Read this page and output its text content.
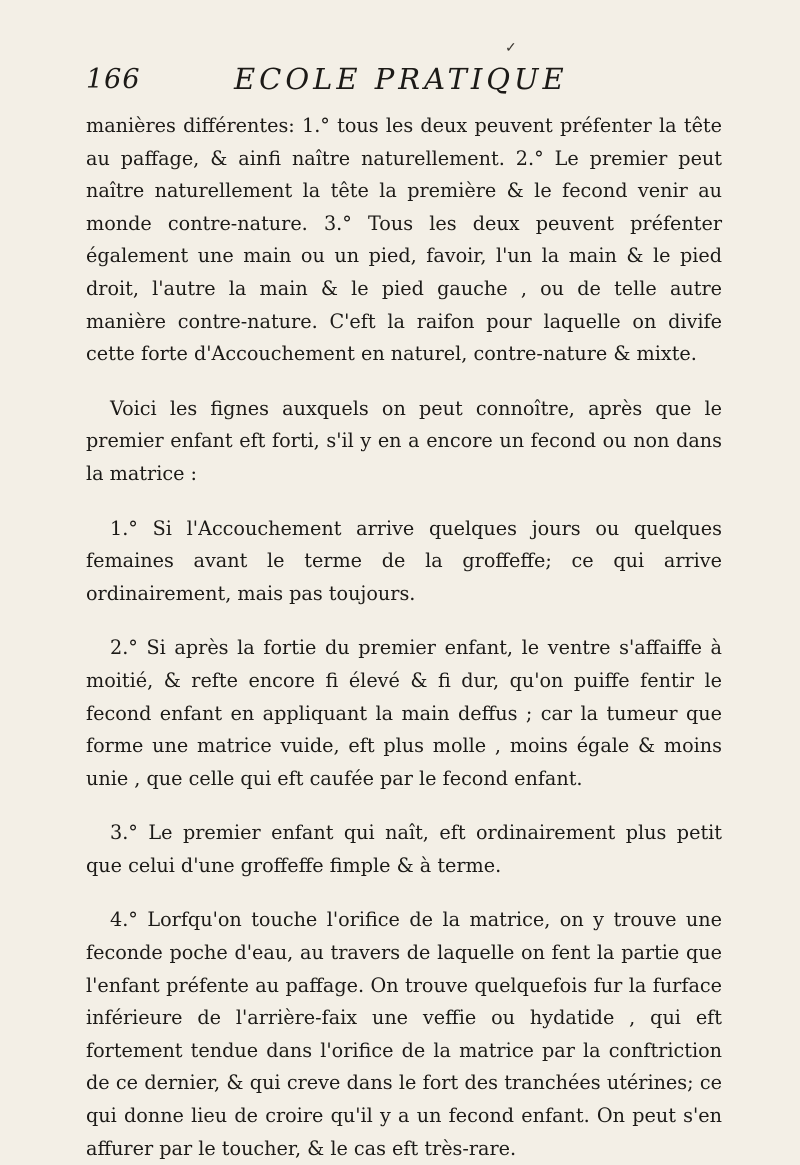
✓
166	ECOLE PRATIQUE

manières différentes: 1.° tous les deux peuvent préfenter la tête au paffage, & ainfi naître naturellement. 2.° Le premier peut naître naturellement la tête la première & le fecond venir au monde contre-nature. 3.° Tous les deux peuvent préfenter également une main ou un pied, favoir, l'un la main & le pied droit, l'autre la main & le pied gauche , ou de telle autre manière contre-nature. C'eft la raifon pour laquelle on divife cette forte d'Accouchement en naturel, contre-nature & mixte.

Voici les fignes auxquels on peut connoître, après que le premier enfant eft forti, s'il y en a encore un fecond ou non dans la matrice :

1.° Si l'Accouchement arrive quelques jours ou quelques femaines avant le terme de la groffeffe; ce qui arrive ordinairement, mais pas toujours.

2.° Si après la fortie du premier enfant, le ventre s'affaiffe à moitié, & refte encore fi élevé & fi dur, qu'on puiffe fentir le fecond enfant en appliquant la main deffus ; car la tumeur que forme une matrice vuide, eft plus molle , moins égale & moins unie , que celle qui eft caufée par le fecond enfant.

3.° Le premier enfant qui naît, eft ordinairement plus petit que celui d'une groffeffe fimple & à terme.

4.° Lorfqu'on touche l'orifice de la matrice, on y trouve une feconde poche d'eau, au travers de laquelle on fent la partie que l'enfant préfente au paffage. On trouve quelquefois fur la furface inférieure de l'arrière-faix une veffie ou hydatide , qui eft fortement tendue dans l'orifice de la matrice par la conftriction de ce dernier, & qui creve dans le fort des tranchées utérines; ce qui donne lieu de croire qu'il y a un fecond enfant. On peut s'en affurer par le toucher, & le cas eft très-rare.
